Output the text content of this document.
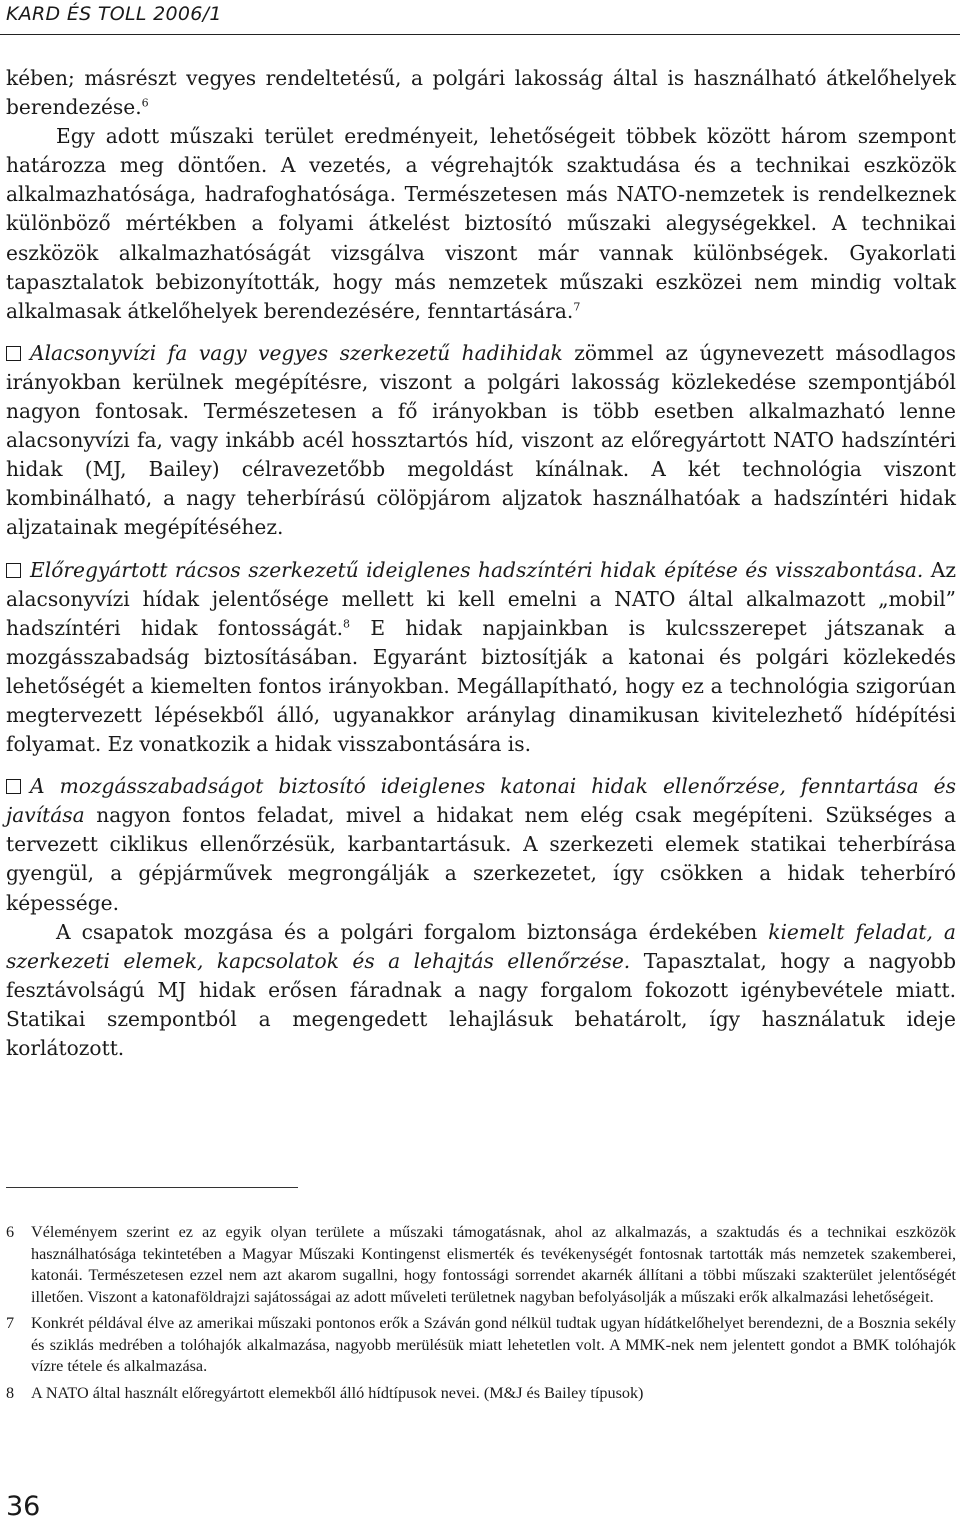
KARD ÉS TOLL 2006/1

kében; másrészt vegyes rendeltetésű, a polgári lakosság által is használható átkelőhelyek berendezése.$^6$

Egy adott műszaki terület eredményeit, lehetőségeit többek között három szempont határozza meg döntően. A vezetés, a végrehajtók szaktudása és a technikai eszközök alkalmazhatósága, hadrafoghatósága. Természetesen más NATO-nemzetek is rendelkeznek különböző mértékben a folyami átkelést biztosító műszaki alegységekkel. A technikai eszközök alkalmazhatóságát vizsgálva viszont már vannak különbségek. Gyakorlati tapasztalatok bebizonyították, hogy más nemzetek műszaki eszközei nem mindig voltak alkalmasak átkelőhelyek berendezésére, fenntartására.$^7$

Alacsonyvízi fa vagy vegyes szerkezetű hadihidak zömmel az úgynevezett másodlagos irányokban kerülnek megépítésre, viszont a polgári lakosság közlekedése szempontjából nagyon fontosak. Természetesen a fő irányokban is több esetben alkalmazható lenne alacsonyvízi fa, vagy inkább acél hossztartós híd, viszont az előregyártott NATO hadszíntéri hidak (MJ, Bailey) célravezetőbb megoldást kínálnak. A két technológia viszont kombinálható, a nagy teherbírású cölöpjárom aljzatok használhatóak a hadszíntéri hidak aljzatainak megépítéséhez.

Előregyártott rácsos szerkezetű ideiglenes hadszíntéri hidak építése és visszabontása. Az alacsonyvízi hídak jelentősége mellett ki kell emelni a NATO által alkalmazott „mobil” hadszíntéri hidak fontosságát.$^8$ E hidak napjainkban is kulcsszerepet játszanak a mozgásszabadság biztosításában. Egyaránt biztosítják a katonai és polgári közlekedés lehetőségét a kiemelten fontos irányokban. Megállapítható, hogy ez a technológia szigorúan megtervezett lépésekből álló, ugyanakkor aránylag dinamikusan kivitelezhető hídépítési folyamat. Ez vonatkozik a hidak visszabontására is.

A mozgásszabadságot biztosító ideiglenes katonai hidak ellenőrzése, fenntartása és javítása nagyon fontos feladat, mivel a hidakat nem elég csak megépíteni. Szükséges a tervezett ciklikus ellenőrzésük, karbantartásuk. A szerkezeti elemek statikai teherbírása gyengül, a gépjárművek megrongálják a szerkezetet, így csökken a hidak teherbíró képessége.

A csapatok mozgása és a polgári forgalom biztonsága érdekében kiemelt feladat, a szerkezeti elemek, kapcsolatok és a lehajtás ellenőrzése. Tapasztalat, hogy a nagyobb fesztávolságú MJ hidak erősen fáradnak a nagy forgalom fokozott igénybevétele miatt. Statikai szempontból a megengedett lehajlásuk behatárolt, így használatuk ideje korlátozott.

6	Véleményem szerint ez az egyik olyan területe a műszaki támogatásnak, ahol az alkalmazás, a szaktudás és a technikai eszközök használhatósága tekintetében a Magyar Műszaki Kontingenst elismerték és tevékenységét fontosnak tartották más nemzetek szakemberei, katonái. Természetesen ezzel nem azt akarom sugallni, hogy fontossági sorrendet akarnék állítani a többi műszaki szakterület jelentőségét illetően. Viszont a katonaföldrajzi sajátosságai az adott műveleti területnek nagyban befolyásolják a műszaki erők alkalmazási lehetőségeit.
7	Konkrét példával élve az amerikai műszaki pontonos erők a Száván gond nélkül tudtak ugyan hídátkelőhelyet berendezni, de a Bosznia sekély és sziklás medrében a tolóhajók alkalmazása, nagyobb merülésük miatt lehetetlen volt. A MMK-nek nem jelentett gondot a BMK tolóhajók vízre tétele és alkalmazása.
8	A NATO által használt előregyártott elemekből álló hídtípusok nevei. (M&J és Bailey típusok)
36
